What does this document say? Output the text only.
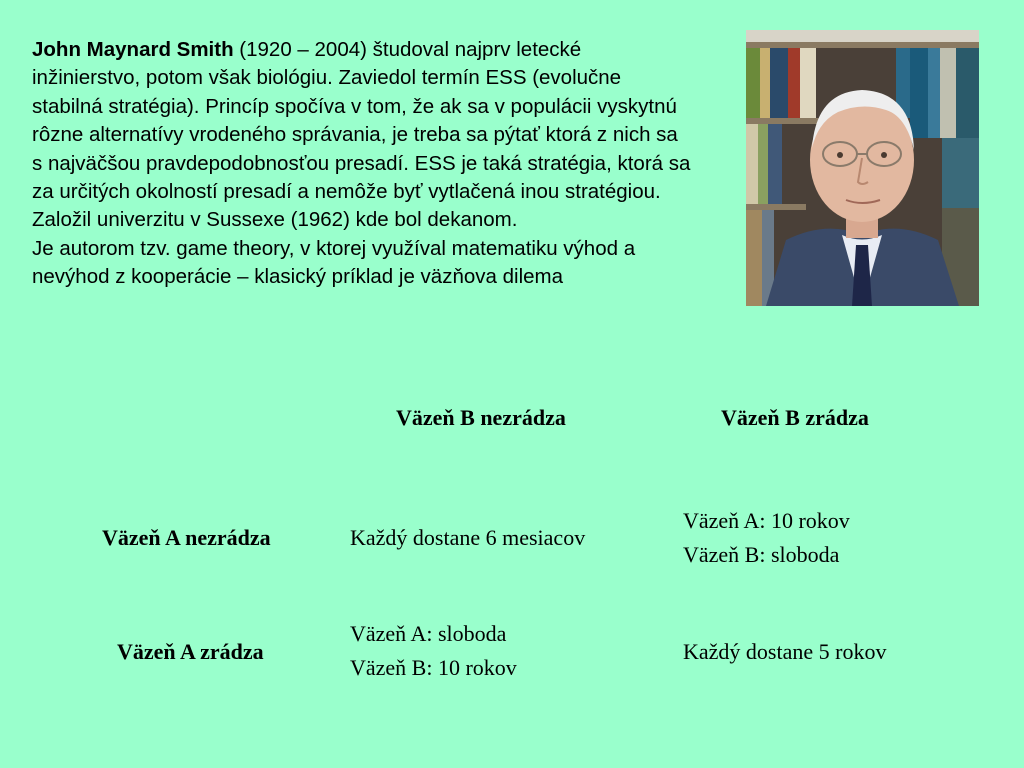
John Maynard Smith (1920 – 2004) študoval najprv letecké inžinierstvo, potom však biológiu. Zaviedol termín ESS (evolučne stabilná stratégia). Princíp spočíva v tom, že ak sa v populácii vyskytnú rôzne alternatívy vrodeného správania, je treba sa pýtať ktorá z nich sa s najväčšou pravdepodobnosťou presadí. ESS je taká stratégia, ktorá sa za určitých okolností presadí a nemôže byť vytlačená inou stratégiou. Založil univerzitu v Sussexe (1962) kde bol dekanom.

Je autorom tzv. game theory, v ktorej využíval matematiku výhod a nevýhod z kooperácie – klasický príklad je väzňova dilema

Väzeň B nezrádza	Väzeň B zrádza
Väzeň A nezrádza	Každý dostane 6 mesiacov
Väzeň A: 10 rokov
Väzeň B: sloboda
Väzeň A zrádza
Väzeň A: sloboda
Väzeň B: 10 rokov
Každý dostane 5 rokov
